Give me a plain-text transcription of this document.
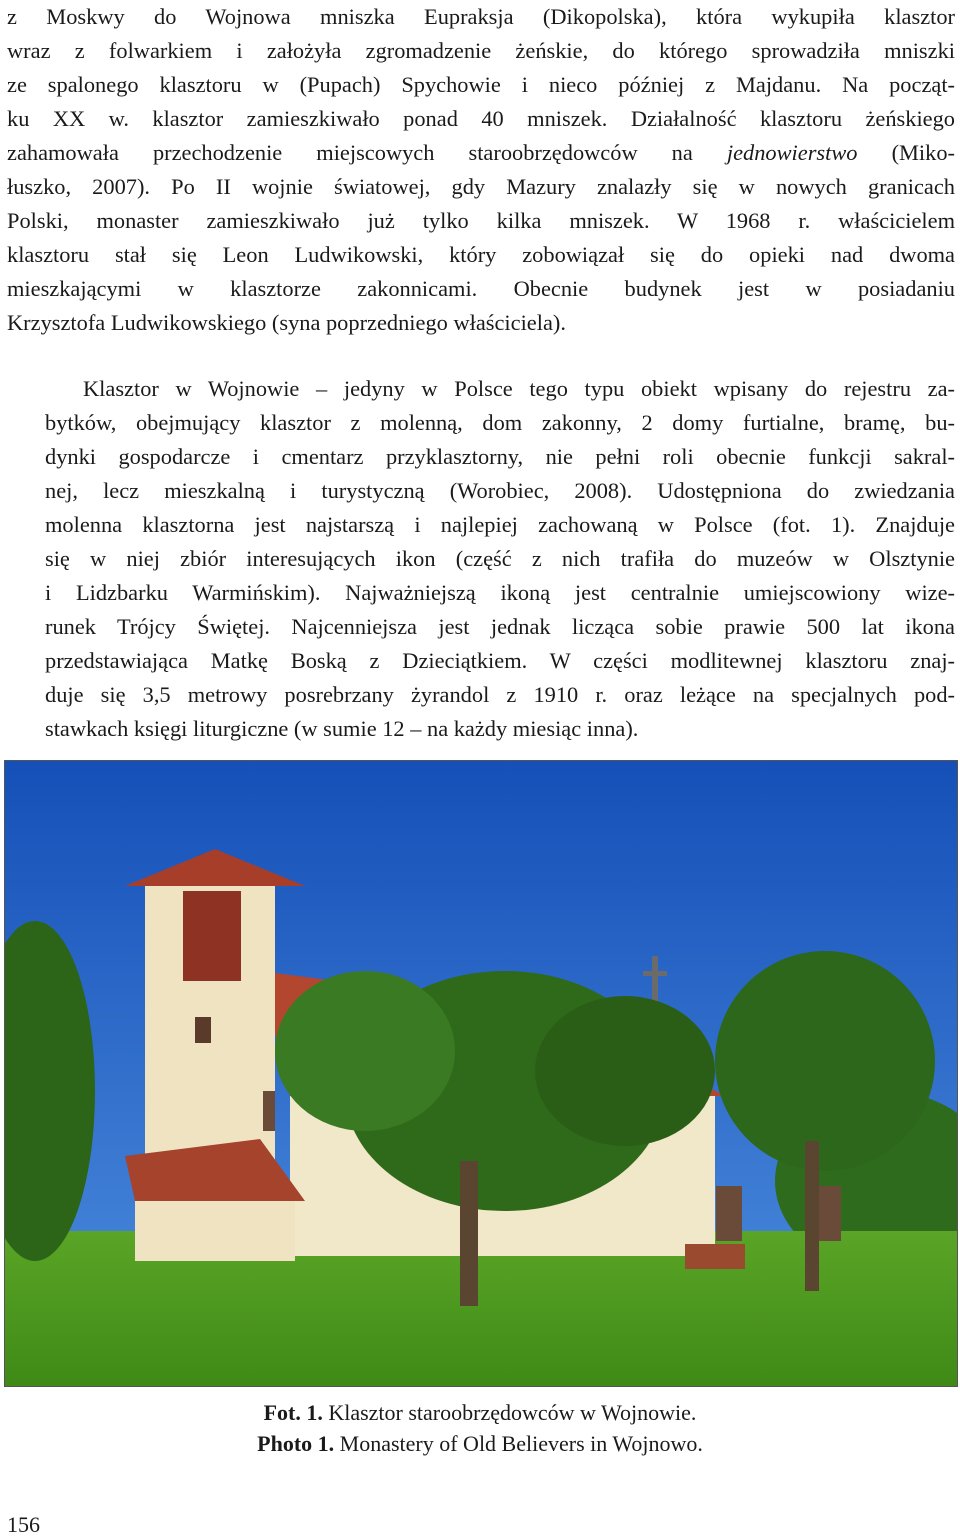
z Moskwy do Wojnowa mniszka Eupraksja (Dikopolska), która wykupiła klasztor
wraz z folwarkiem i założyła zgromadzenie żeńskie, do którego sprowadziła mniszki
ze spalonego klasztoru w (Pupach) Spychowie i nieco później z Majdanu. Na począt-
ku XX w. klasztor zamieszkiwało ponad 40 mniszek. Działalność klasztoru żeńskiego
zahamowała przechodzenie miejscowych staroobrzędowców na jednowierstwo (Miko-
łuszko, 2007). Po II wojnie światowej, gdy Mazury znalazły się w nowych granicach
Polski, monaster zamieszkiwało już tylko kilka mniszek. W 1968 r. właścicielem
klasztoru stał się Leon Ludwikowski, który zobowiązał się do opieki nad dwoma
mieszkającymi w klasztorze zakonnicami. Obecnie budynek jest w posiadaniu
Krzysztofa Ludwikowskiego (syna poprzedniego właściciela).
Klasztor w Wojnowie – jedyny w Polsce tego typu obiekt wpisany do rejestru za-
bytków, obejmujący klasztor z molenną, dom zakonny, 2 domy furtialne, bramę, bu-
dynki gospodarcze i cmentarz przyklasztorny, nie pełni roli obecnie funkcji sakral-
nej, lecz mieszkalną i turystyczną (Worobiec, 2008). Udostępniona do zwiedzania
molenna klasztorna jest najstarszą i najlepiej zachowaną w Polsce (fot. 1). Znajduje
się w niej zbiór interesujących ikon (część z nich trafiła do muzeów w Olsztynie
i Lidzbarku Warmińskim). Najważniejszą ikoną jest centralnie umiejscowiony wize-
runek Trójcy Świętej. Najcenniejsza jest jednak licząca sobie prawie 500 lat ikona
przedstawiająca Matkę Boską z Dzieciątkiem. W części modlitewnej klasztoru znaj-
duje się 3,5 metrowy posrebrzany żyrandol z 1910 r. oraz leżące na specjalnych pod-
stawkach księgi liturgiczne (w sumie 12 – na każdy miesiąc inna).
Fot. 1. Klasztor staroobrzędowców w Wojnowie.
Photo 1. Monastery of Old Believers in Wojnowo.
156
